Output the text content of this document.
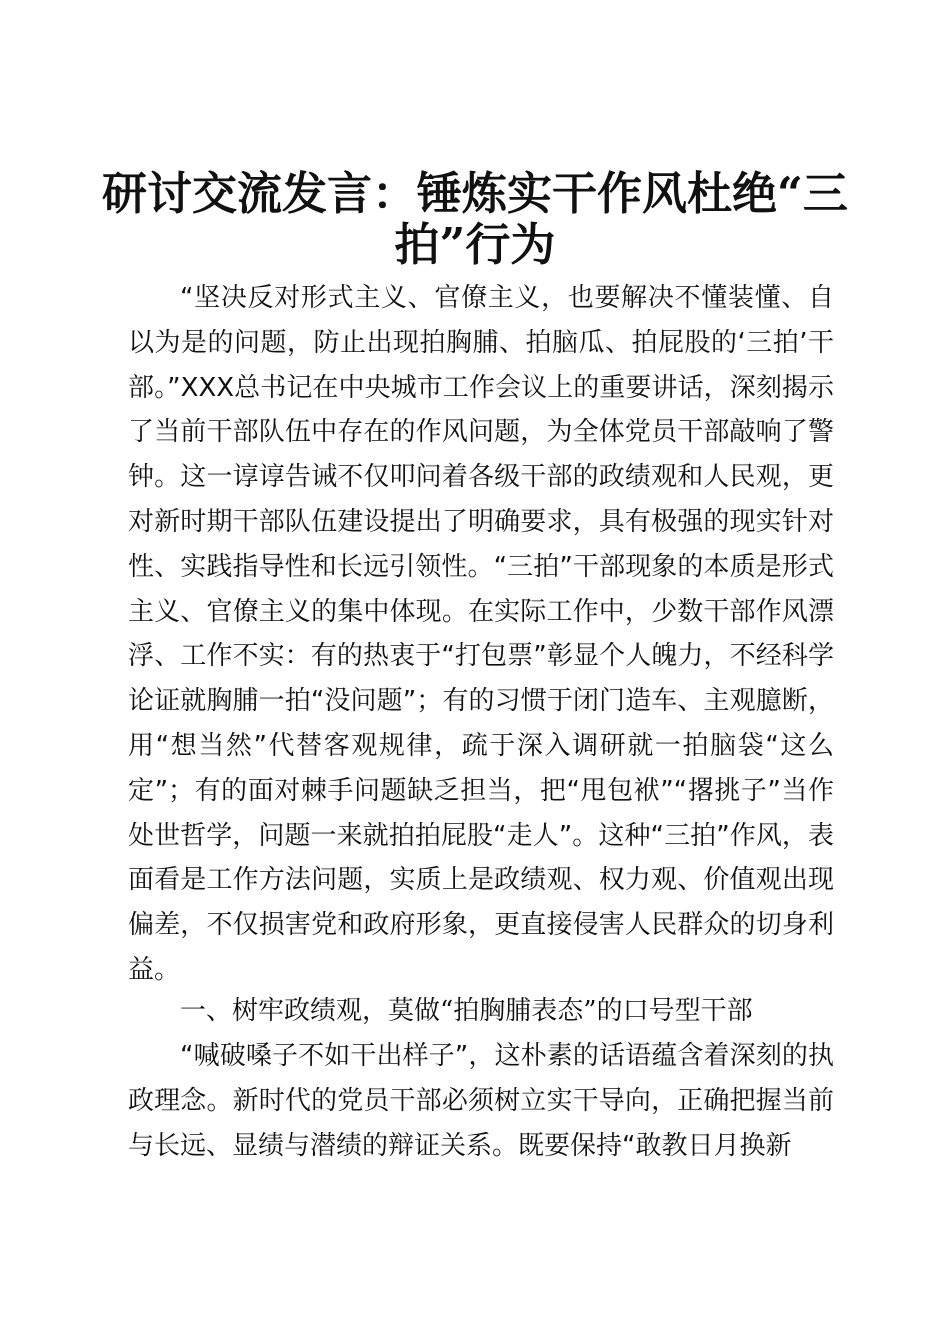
研讨交流发言：锤炼实干作风杜绝“三拍”行为

“坚决反对形式主义、官僚主义，也要解决不懂装懂、自以为是的问题，防止出现拍胸脯、拍脑瓜、拍屁股的‘三拍’干部。”XXX总书记在中央城市工作会议上的重要讲话，深刻揭示了当前干部队伍中存在的作风问题，为全体党员干部敲响了警钟。这一谆谆告诫不仅叩问着各级干部的政绩观和人民观，更对新时期干部队伍建设提出了明确要求，具有极强的现实针对性、实践指导性和长远引领性。“三拍”干部现象的本质是形式主义、官僚主义的集中体现。在实际工作中，少数干部作风漂浮、工作不实：有的热衷于“打包票”彰显个人魄力，不经科学论证就胸脯一拍“没问题”；有的习惯于闭门造车、主观臆断，用“想当然”代替客观规律，疏于深入调研就一拍脑袋“这么定”；有的面对棘手问题缺乏担当，把“甩包袱”“撂挑子”当作处世哲学，问题一来就拍拍屁股“走人”。这种“三拍”作风，表面看是工作方法问题，实质上是政绩观、权力观、价值观出现偏差，不仅损害党和政府形象，更直接侵害人民群众的切身利益。

一、树牢政绩观，莫做“拍胸脯表态”的口号型干部

“喊破嗓子不如干出样子”，这朴素的话语蕴含着深刻的执政理念。新时代的党员干部必须树立实干导向，正确把握当前与长远、显绩与潜绩的辩证关系。既要保持“敢教日月换新
